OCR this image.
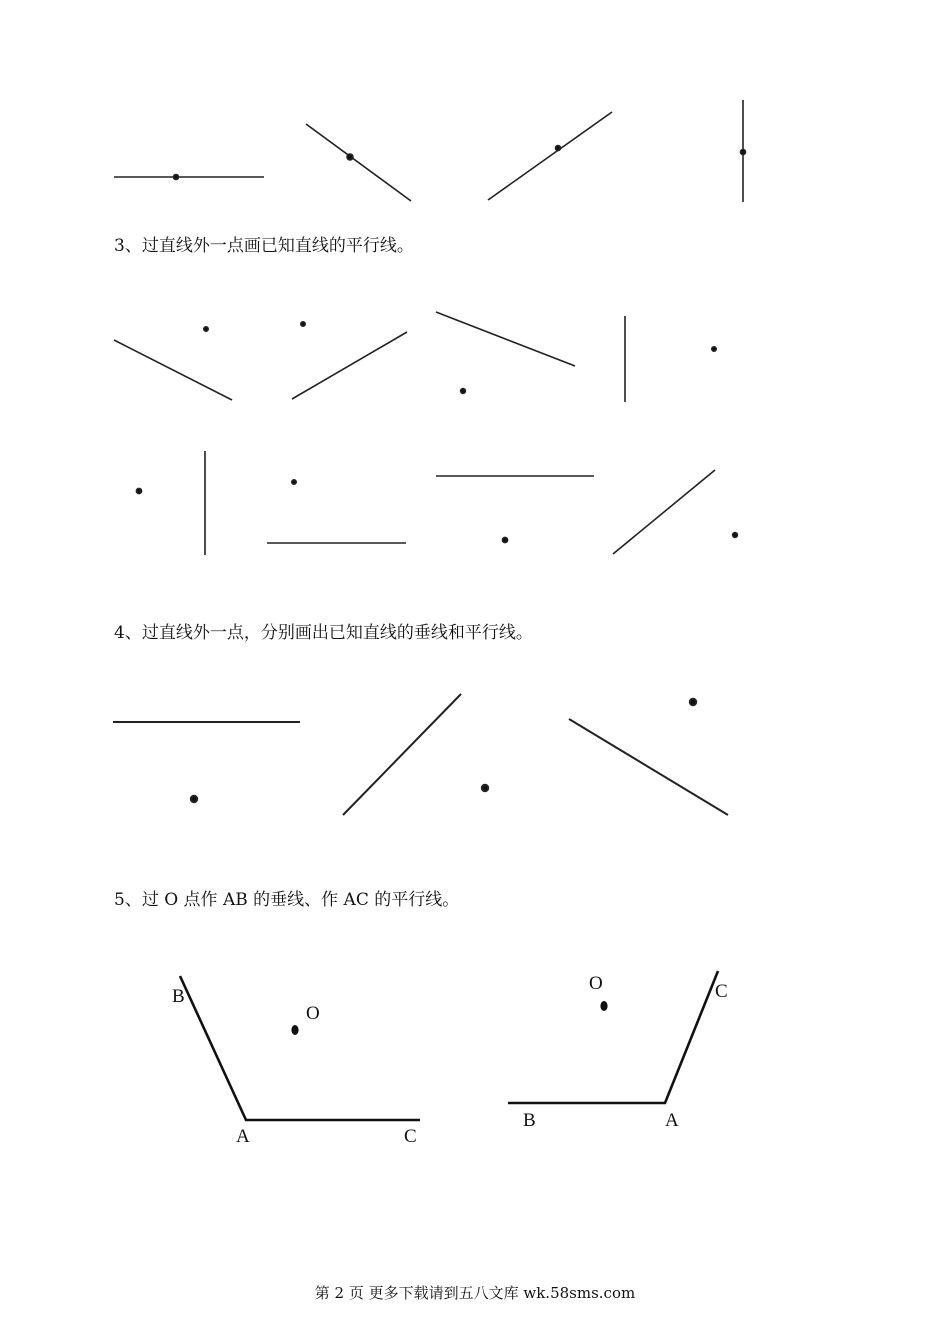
B
O
A	C
O	C
B	A
3、过直线外一点画已知直线的平行线。
4、过直线外一点，分别画出已知直线的垂线和平行线。
5、过 O 点作 AB 的垂线、作 AC 的平行线。
第 2 页 更多下载请到五八文库 wk.58sms.com
